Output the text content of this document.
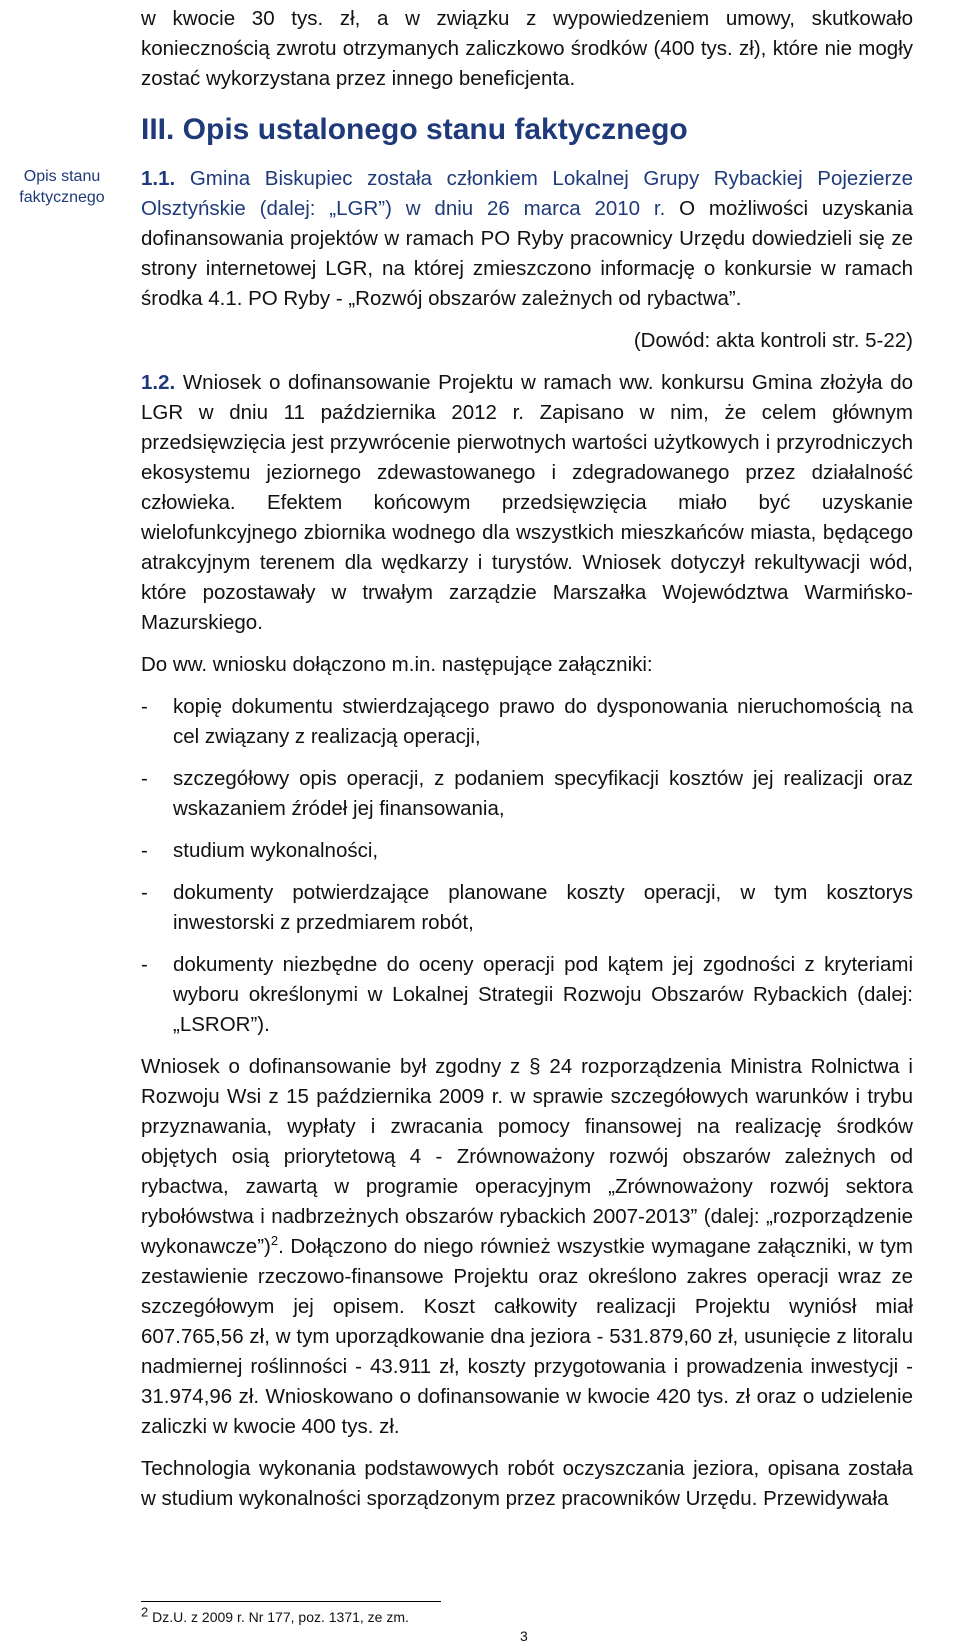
Opis stanu
faktycznego

w kwocie 30 tys. zł, a w związku z wypowiedzeniem umowy, skutkowało koniecznością zwrotu otrzymanych zaliczkowo środków (400 tys. zł), które nie mogły zostać wykorzystana przez innego beneficjenta.

III. Opis ustalonego stanu faktycznego

1.1. Gmina Biskupiec została członkiem Lokalnej Grupy Rybackiej Pojezierze Olsztyńskie (dalej: „LGR”) w dniu 26 marca 2010 r. O możliwości uzyskania dofinansowania projektów w ramach PO Ryby pracownicy Urzędu dowiedzieli się ze strony internetowej LGR, na której zmieszczono informację o konkursie w ramach środka 4.1. PO Ryby - „Rozwój obszarów zależnych od rybactwa”.

(Dowód: akta kontroli str. 5-22)

1.2. Wniosek o dofinansowanie Projektu w ramach ww. konkursu Gmina złożyła do LGR w dniu 11 października 2012 r. Zapisano w nim, że celem głównym przedsięwzięcia jest przywrócenie pierwotnych wartości użytkowych i przyrodniczych ekosystemu jeziornego zdewastowanego i zdegradowanego przez działalność człowieka. Efektem końcowym przedsięwzięcia miało być uzyskanie wielofunkcyjnego zbiornika wodnego dla wszystkich mieszkańców miasta, będącego atrakcyjnym terenem dla wędkarzy i turystów. Wniosek dotyczył rekultywacji wód, które pozostawały w trwałym zarządzie Marszałka Województwa Warmińsko-Mazurskiego.

Do ww. wniosku dołączono m.in. następujące załączniki:

- kopię dokumentu stwierdzającego prawo do dysponowania nieruchomością na cel związany z realizacją operacji,
- szczegółowy opis operacji, z podaniem specyfikacji kosztów jej realizacji oraz wskazaniem źródeł jej finansowania,
- studium wykonalności,
- dokumenty potwierdzające planowane koszty operacji, w tym kosztorys inwestorski z przedmiarem robót,
- dokumenty niezbędne do oceny operacji pod kątem jej zgodności z kryteriami wyboru określonymi w Lokalnej Strategii Rozwoju Obszarów Rybackich (dalej: „LSROR”).

Wniosek o dofinansowanie był zgodny z § 24 rozporządzenia Ministra Rolnictwa i Rozwoju Wsi z 15 października 2009 r. w sprawie szczegółowych warunków i trybu przyznawania, wypłaty i zwracania pomocy finansowej na realizację środków objętych osią priorytetową 4 - Zrównoważony rozwój obszarów zależnych od rybactwa, zawartą w programie operacyjnym „Zrównoważony rozwój sektora rybołówstwa i nadbrzeżnych obszarów rybackich 2007-2013” (dalej: „rozporządzenie wykonawcze”)$^2$. Dołączono do niego również wszystkie wymagane załączniki, w tym zestawienie rzeczowo-finansowe Projektu oraz określono zakres operacji wraz ze szczegółowym jej opisem. Koszt całkowity realizacji Projektu wyniósł miał 607.765,56 zł, w tym uporządkowanie dna jeziora - 531.879,60 zł, usunięcie z litoralu nadmiernej roślinności - 43.911 zł, koszty przygotowania i prowadzenia inwestycji - 31.974,96 zł. Wnioskowano o dofinansowanie w kwocie 420 tys. zł oraz o udzielenie zaliczki w kwocie 400 tys. zł.

Technologia wykonania podstawowych robót oczyszczania jeziora, opisana została w studium wykonalności sporządzonym przez pracowników Urzędu. Przewidywała

2 Dz.U. z 2009 r. Nr 177, poz. 1371, ze zm.
3
